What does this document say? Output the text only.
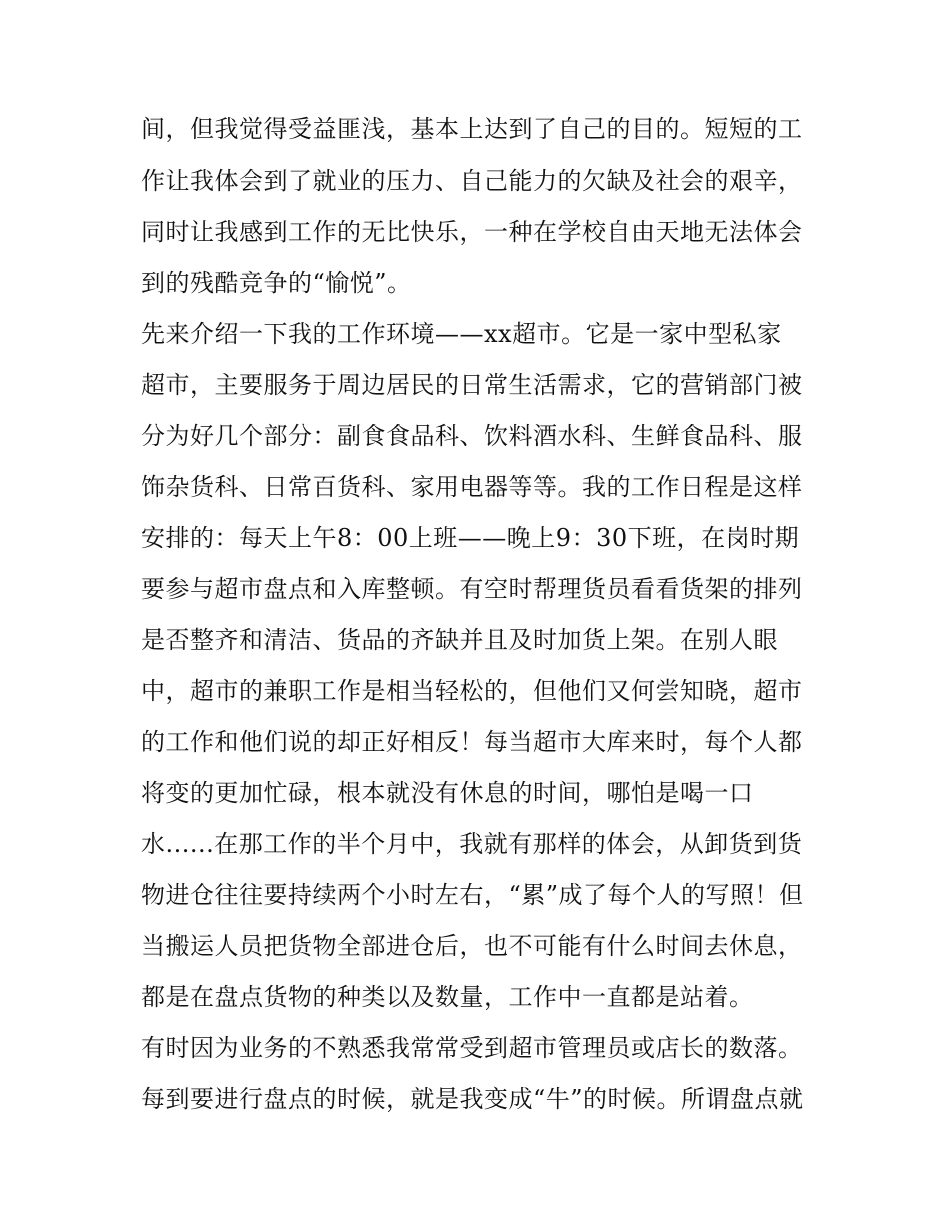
间，但我觉得受益匪浅，基本上达到了自己的目的。短短的工
作让我体会到了就业的压力、自己能力的欠缺及社会的艰辛，
同时让我感到工作的无比快乐，一种在学校自由天地无法体会
到的残酷竞争的“愉悦”。
先来介绍一下我的工作环境——xx超市。它是一家中型私家
超市，主要服务于周边居民的日常生活需求，它的营销部门被
分为好几个部分：副食食品科、饮料酒水科、生鲜食品科、服
饰杂货科、日常百货科、家用电器等等。我的工作日程是这样
安排的：每天上午8：00上班——晚上9：30下班，在岗时期
要参与超市盘点和入库整顿。有空时帮理货员看看货架的排列
是否整齐和清洁、货品的齐缺并且及时加货上架。在别人眼
中，超市的兼职工作是相当轻松的，但他们又何尝知晓，超市
的工作和他们说的却正好相反！每当超市大库来时，每个人都
将变的更加忙碌，根本就没有休息的时间，哪怕是喝一口
水......在那工作的半个月中，我就有那样的体会，从卸货到货
物进仓往往要持续两个小时左右，“累”成了每个人的写照！但
当搬运人员把货物全部进仓后，也不可能有什么时间去休息，
都是在盘点货物的种类以及数量，工作中一直都是站着。
有时因为业务的不熟悉我常常受到超市管理员或店长的数落。
每到要进行盘点的时候，就是我变成“牛”的时候。所谓盘点就
